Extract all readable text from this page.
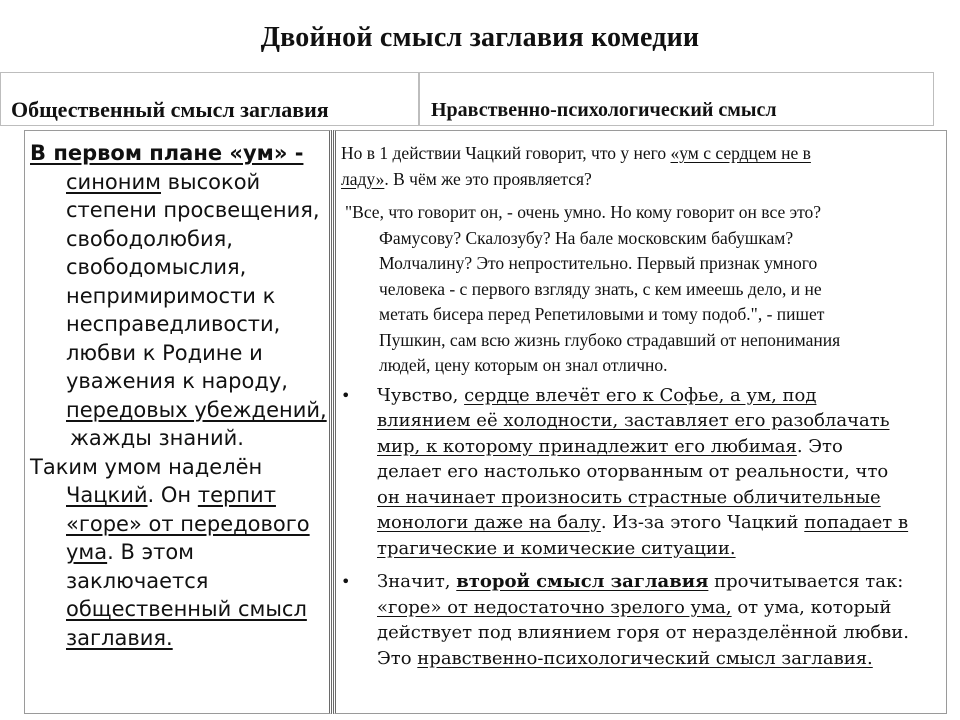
Двойной смысл заглавия комедии
Общественный смысл заглавия	Нравственно-психологический смысл

В первом плане «ум» -

синоним высокой

степени просвещения,

свободолюбия,

свободомыслия,

непримиримости к

несправедливости,

любви к Родине и

уважения к народу,

передовых убеждений,

жажды знаний.

Таким умом наделён

Чацкий. Он терпит

«горе» от передового

ума. В этом

заключается

общественный смысл

заглавия.

Но в 1 действии Чацкий говорит, что у него «ум с сердцем не в
ладу». В чём же это проявляется?

"Все, что говорит он, - очень умно. Но кому говорит он все это?

Фамусову? Скалозубу? На бале московским бабушкам?

Молчалину? Это непростительно. Первый признак умного

человека - с первого взгляду знать, с кем имеешь дело, и не

метать бисера перед Репетиловыми и тому подоб.", - пишет

Пушкин, сам всю жизнь глубоко страдавший от непонимания

людей, цену которым он знал отлично.

• Чувство, сердце влечёт его к Софье, а ум, под
влиянием её холодности, заставляет его разоблачать
мир, к которому принадлежит его любимая. Это
делает его настолько оторванным от реальности, что
он начинает произносить страстные обличительные
монологи даже на балу. Из-за этого Чацкий попадает в
трагические и комические ситуации.
• Значит, второй смысл заглавия прочитывается так:
«горе» от недостаточно зрелого ума, от ума, который
действует под влиянием горя от неразделённой любви.
Это нравственно-психологический смысл заглавия.
